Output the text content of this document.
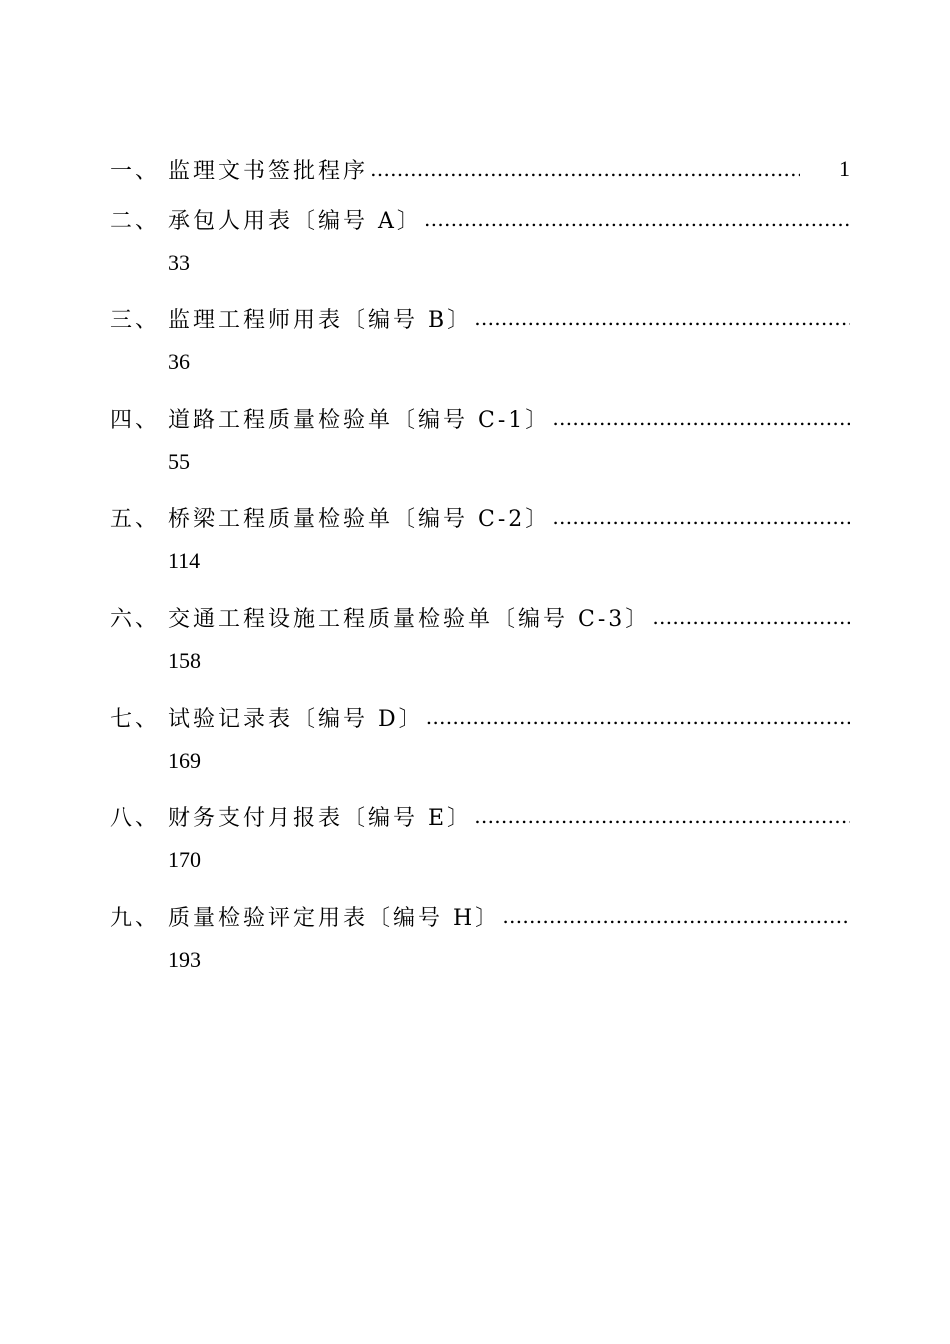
一、 监理文书签批程序
……………………………………………………………………………………………………………………	1
二、 承包人用表〔编号 A〕
……………………………………………………………………………………………………………………
33
三、 监理工程师用表〔编号 B〕
……………………………………………………………………………………………………………………
36
四、 道路工程质量检验单〔编号 C-1〕
……………………………………………………………………………………………………………………
55
五、 桥梁工程质量检验单〔编号 C-2〕
……………………………………………………………………………………………………………………
114
六、 交通工程设施工程质量检验单〔编号 C-3〕
……………………………………………………………………………………………………………………
158
七、 试验记录表〔编号 D〕
……………………………………………………………………………………………………………………
169
八、 财务支付月报表〔编号 E〕
……………………………………………………………………………………………………………………
170
九、 质量检验评定用表〔编号 H〕
……………………………………………………………………………………………………………………
193
